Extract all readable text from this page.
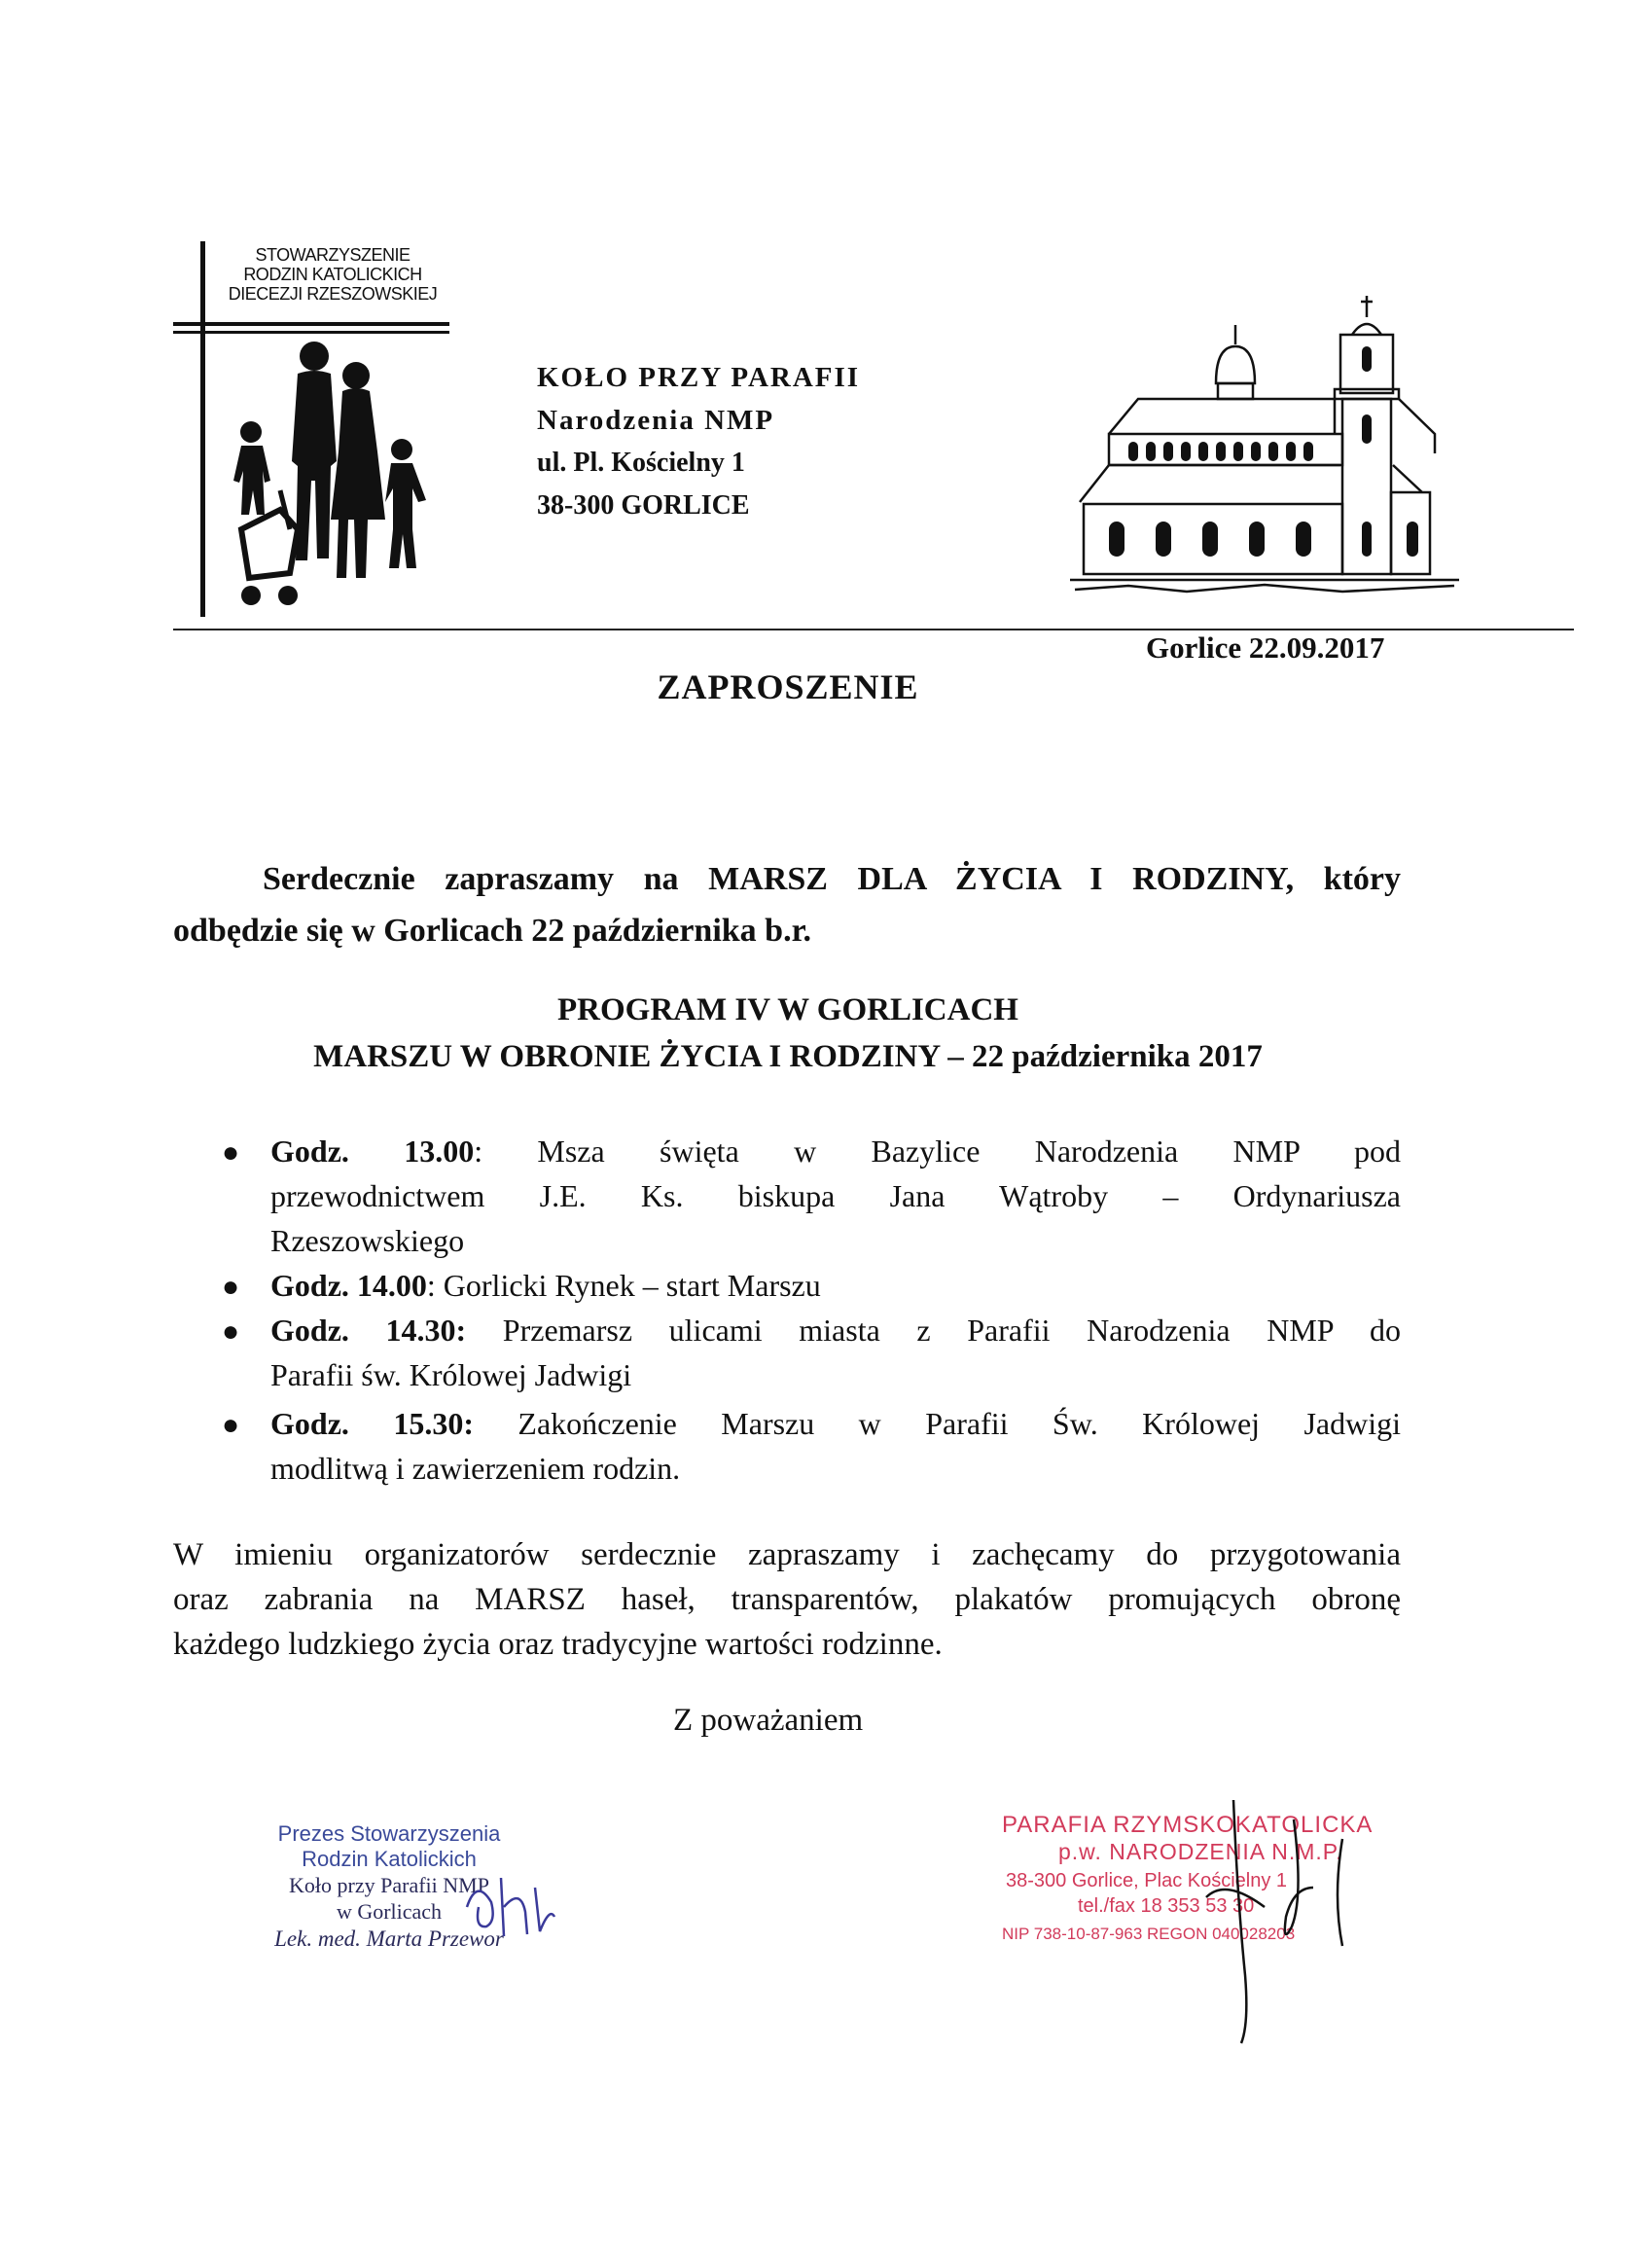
STOWARZYSZENIE
RODZIN KATOLICKICH
DIECEZJI RZESZOWSKIEJ
KOŁO PRZY PARAFII
Narodzenia NMP
ul. Pl. Kościelny 1
38-300 GORLICE
Gorlice 22.09.2017
ZAPROSZENIE
Serdecznie zapraszamy na MARSZ DLA ŻYCIA I RODZINY, który
odbędzie się w Gorlicach 22 października b.r.
PROGRAM IV W GORLICACH
MARSZU W OBRONIE ŻYCIA I RODZINY – 22 października 2017
● Godz. 13.00: Msza święta w Bazylice Narodzenia NMP pod
przewodnictwem J.E. Ks. biskupa Jana Wątroby – Ordynariusza
Rzeszowskiego
● Godz. 14.00: Gorlicki Rynek – start Marszu
● Godz. 14.30: Przemarsz ulicami miasta z Parafii Narodzenia NMP do
Parafii św. Królowej Jadwigi
● Godz. 15.30: Zakończenie Marszu w Parafii Św. Królowej Jadwigi
modlitwą i zawierzeniem rodzin.
W imieniu organizatorów serdecznie zapraszamy i zachęcamy do przygotowania
oraz zabrania na MARSZ haseł, transparentów, plakatów promujących obronę
każdego ludzkiego życia oraz tradycyjne wartości rodzinne.
Z poważaniem
Prezes Stowarzyszenia
Rodzin Katolickich
Koło przy Parafii NMP
w Gorlicach
Lek. med. Marta Przewor
PARAFIA RZYMSKOKATOLICKA
p.w. NARODZENIA N.M.P.
38-300 Gorlice, Plac Kościelny 1
tel./fax 18 353 53 30
NIP 738-10-87-963 REGON 040028203
